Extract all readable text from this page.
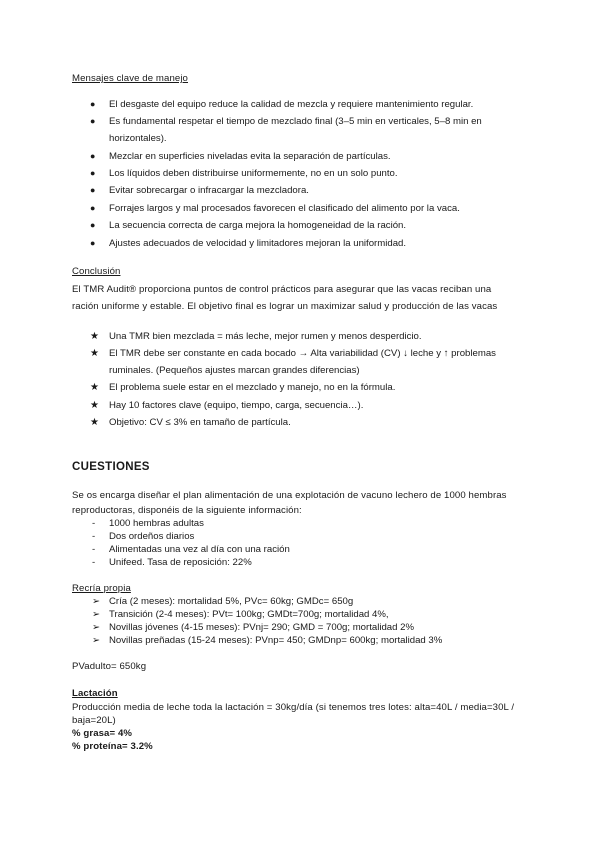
Mensajes clave de manejo
● El desgaste del equipo reduce la calidad de mezcla y requiere mantenimiento regular.
● Es fundamental respetar el tiempo de mezclado final (3–5 min en verticales, 5–8 min en
horizontales).
● Mezclar en superficies niveladas evita la separación de partículas.
● Los líquidos deben distribuirse uniformemente, no en un solo punto.
● Evitar sobrecargar o infracargar la mezcladora.
● Forrajes largos y mal procesados favorecen el clasificado del alimento por la vaca.
● La secuencia correcta de carga mejora la homogeneidad de la ración.
● Ajustes adecuados de velocidad y limitadores mejoran la uniformidad.
Conclusión
El TMR Audit® proporciona puntos de control prácticos para asegurar que las vacas reciban una
ración uniforme y estable. El objetivo final es lograr un maximizar salud y producción de las vacas
★ Una TMR bien mezclada = más leche, mejor rumen y menos desperdicio.
★ El TMR debe ser constante en cada bocado → Alta variabilidad (CV) ↓ leche y ↑ problemas
ruminales. (Pequeños ajustes marcan grandes diferencias)
★ El problema suele estar en el mezclado y manejo, no en la fórmula.
★ Hay 10 factores clave (equipo, tiempo, carga, secuencia…).
★ Objetivo: CV ≤ 3% en tamaño de partícula.
CUESTIONES
Se os encarga diseñar el plan alimentación de una explotación de vacuno lechero de 1000 hembras
reproductoras, disponéis de la siguiente información:
- 1000 hembras adultas
- Dos ordeños diarios
- Alimentadas una vez al día con una ración
- Unifeed. Tasa de reposición: 22%
Recría propia
➢ Cría (2 meses): mortalidad 5%, PVc= 60kg; GMDc= 650g
➢ Transición (2-4 meses): PVt= 100kg; GMDt=700g; mortalidad 4%,
➢ Novillas jóvenes (4-15 meses): PVnj= 290; GMD = 700g; mortalidad 2%
➢ Novillas preñadas (15-24 meses): PVnp= 450; GMDnp= 600kg; mortalidad 3%
PVadulto= 650kg
Lactación
Producción media de leche toda la lactación = 30kg/día (si tenemos tres lotes: alta=40L / media=30L /
baja=20L)
% grasa= 4%
% proteína= 3.2%
